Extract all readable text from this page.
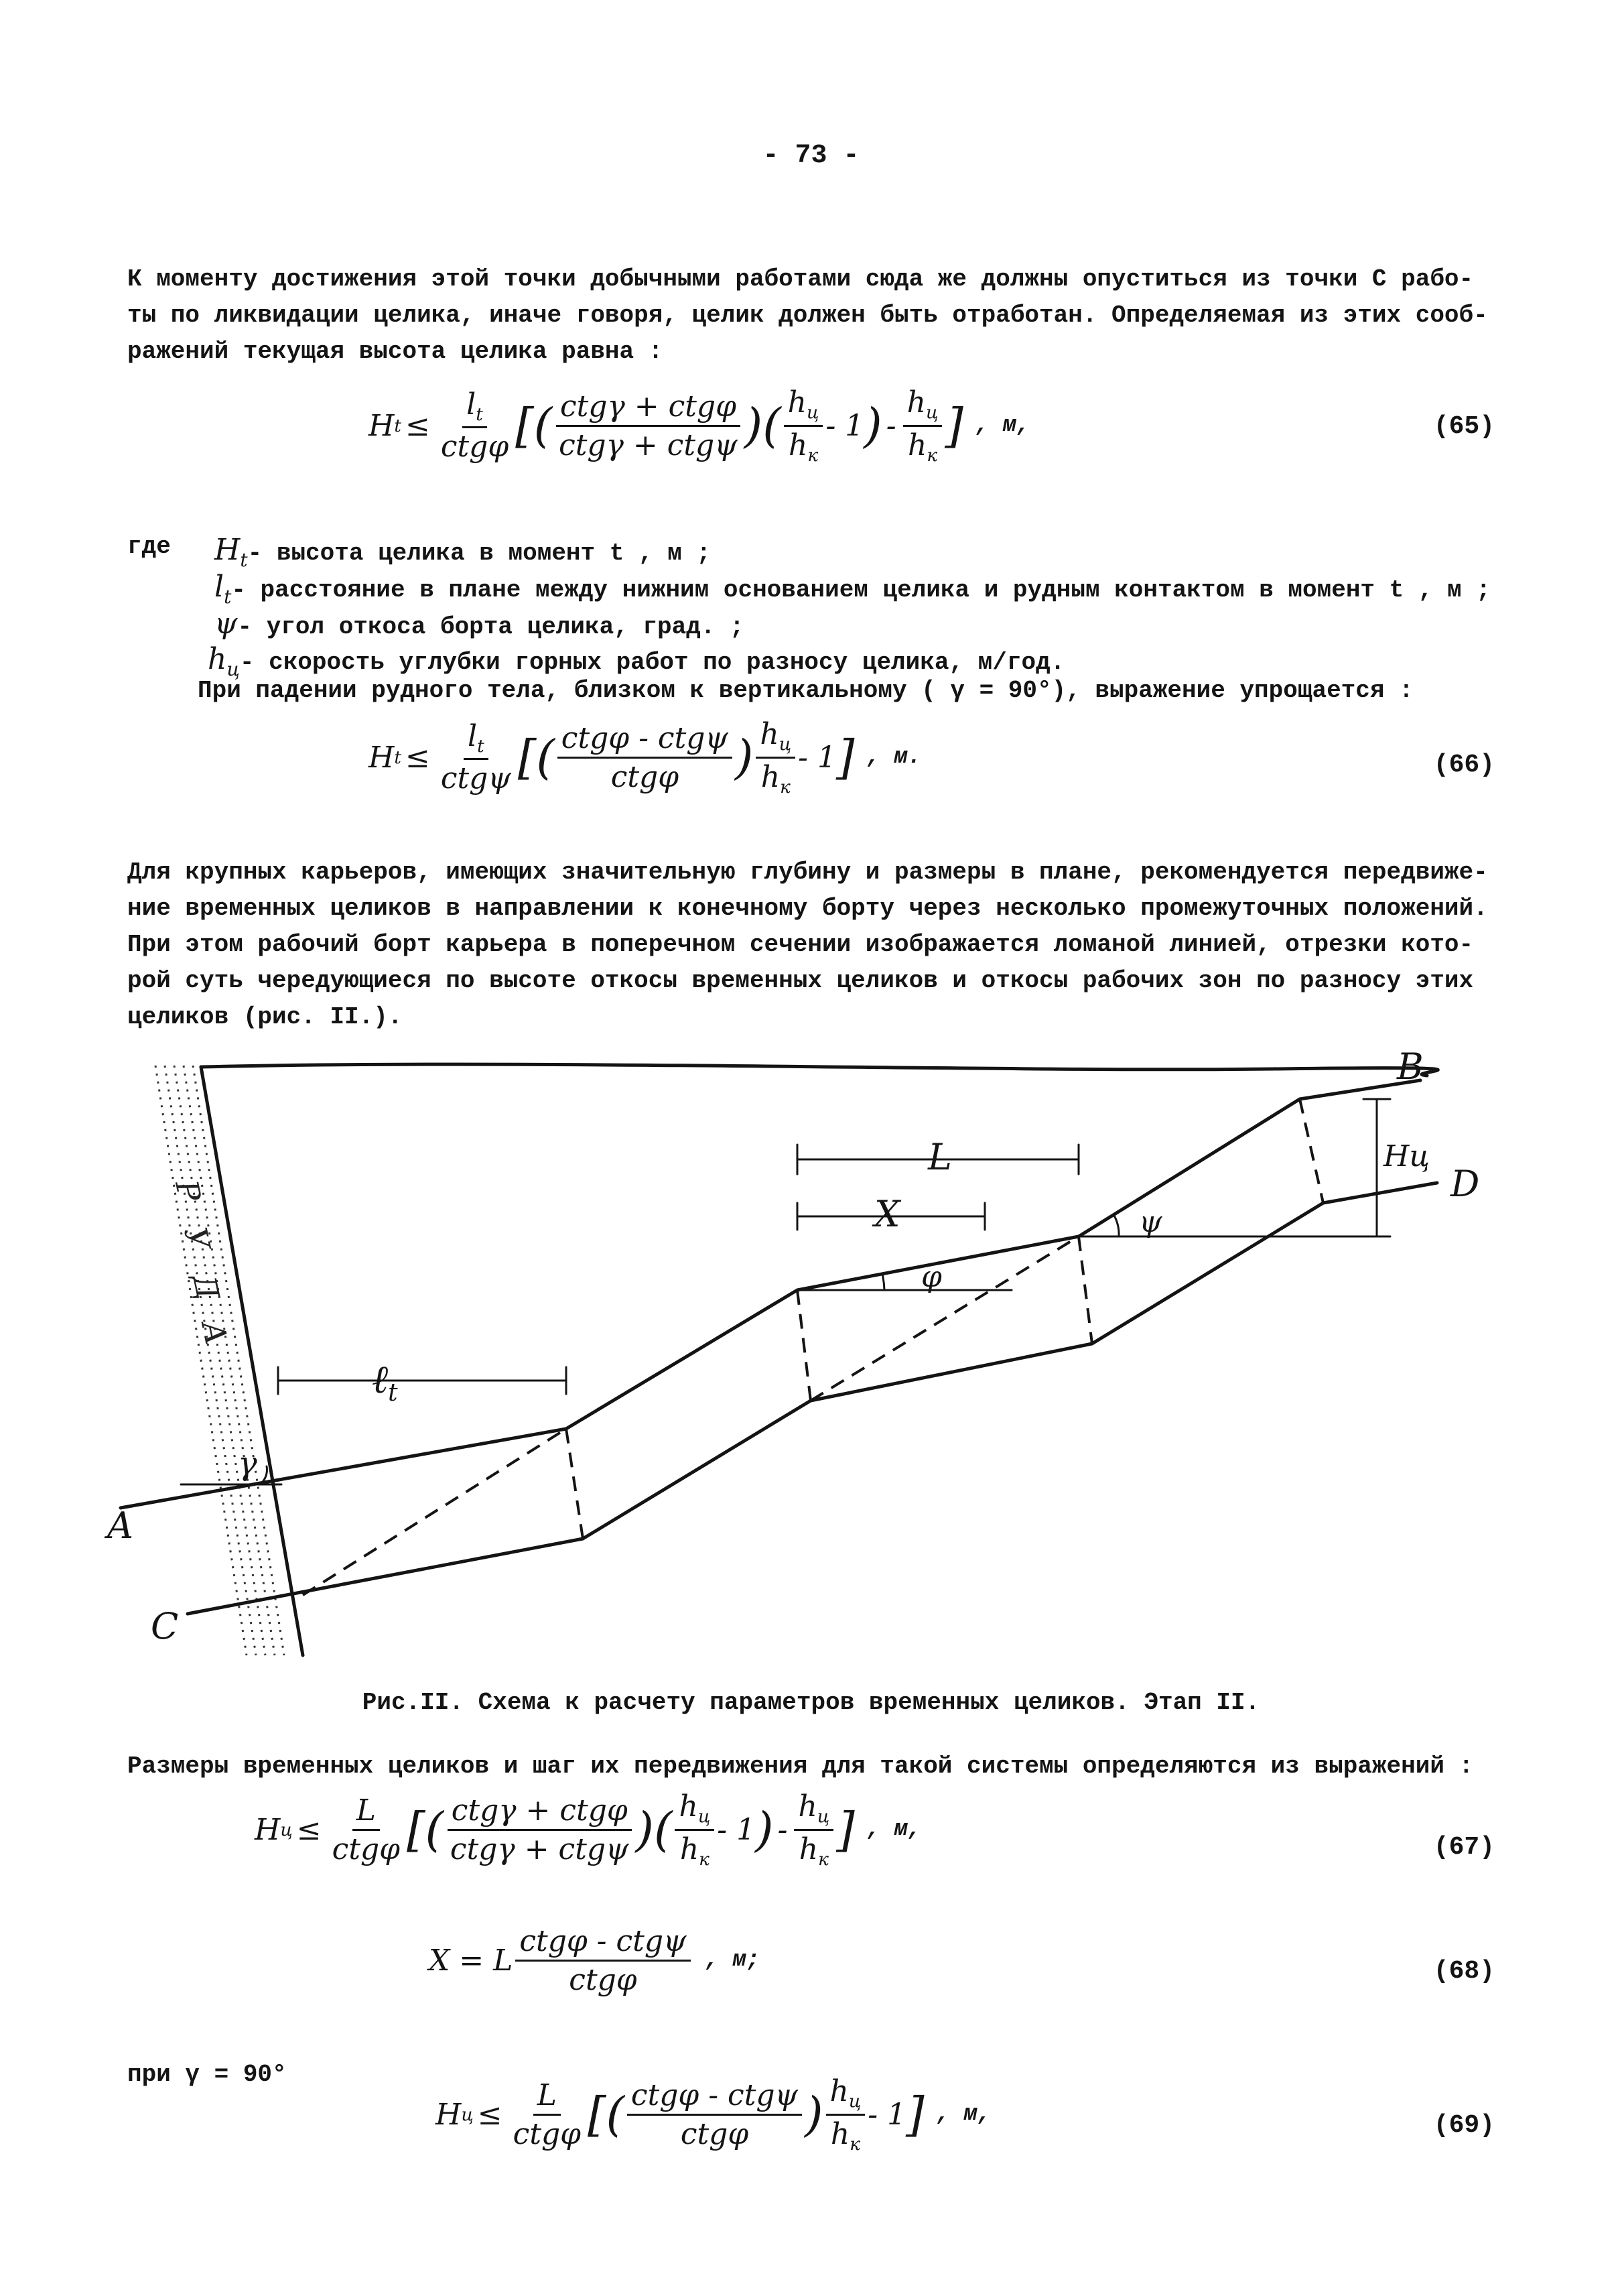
- 73 -
К моменту достижения этой точки добычными работами сюда же должны опуститься из точки С рабо-
ты по ликвидации целика, иначе говоря, целик должен быть отработан. Определяемая из этих сооб-
ражений текущая высота целика равна :
H $t \le \frac{l_t}{\text{ctgφ}}$ [( $\frac{\text{ctgγ + ctgφ}}{\text{ctgγ + ctgψ}}$ )( $\frac{h_ц}{h_к} - 1$ ) - $\frac{h_ц}{h_к}$ ] , м,	(65)
где $H_t-$ высота целика в момент t , м ;
$l_t-$ расстояние в плане между нижним основанием целика и рудным контактом в момент t , м ;
ψ- угол откоса борта целика, град. ;
$h_ц-$ скорость углубки горных работ по разносу целика, м/год.
При падении рудного тела, близком к вертикальному ( γ = 90°), выражение упрощается :
H $t \le \frac{l_t}{\text{ctgψ}}$ [( $\frac{\text{ctgφ - ctgψ}}{\text{ctgφ}}$ ) $\frac{h_ц}{h_к} - 1$ ] , м.	(66)
Для крупных карьеров, имеющих значительную глубину и размеры в плане, рекомендуется передвиже-
ние временных целиков в направлении к конечному борту через несколько промежуточных положений.
При этом рабочий борт карьера в поперечном сечении изображается ломаной линией, отрезки кото-
рой суть чередующиеся по высоте откосы временных целиков и откосы рабочих зон по разносу этих
целиков (рис. II.).
Р
У
Д
А
A
B
C
D
L
X
φ
ψ
Hц
γ
ℓ$_t$
Рис.II. Схема к расчету параметров временных целиков. Этап II.
Размеры временных целиков и шаг их передвижения для такой системы определяются из выражений :
H $ц \le \frac{L}{\text{ctgφ}}$ [( $\frac{\text{ctgγ + ctgφ}}{\text{ctgγ + ctgψ}}$ )( $\frac{h_ц}{h_к} - 1$ ) - $\frac{h_ц}{h_к}$ ] , м,
(67)
X = L $\frac{\text{ctgφ - ctgψ}}{\text{ctgφ}}$ , м;	(68)
при γ = 90°
H $ц \le \frac{L}{\text{ctgφ}}$ [( $\frac{\text{ctgφ - ctgψ}}{\text{ctgφ}}$ ) $\frac{h_ц}{h_к} - 1$ ] , м,	(69)
